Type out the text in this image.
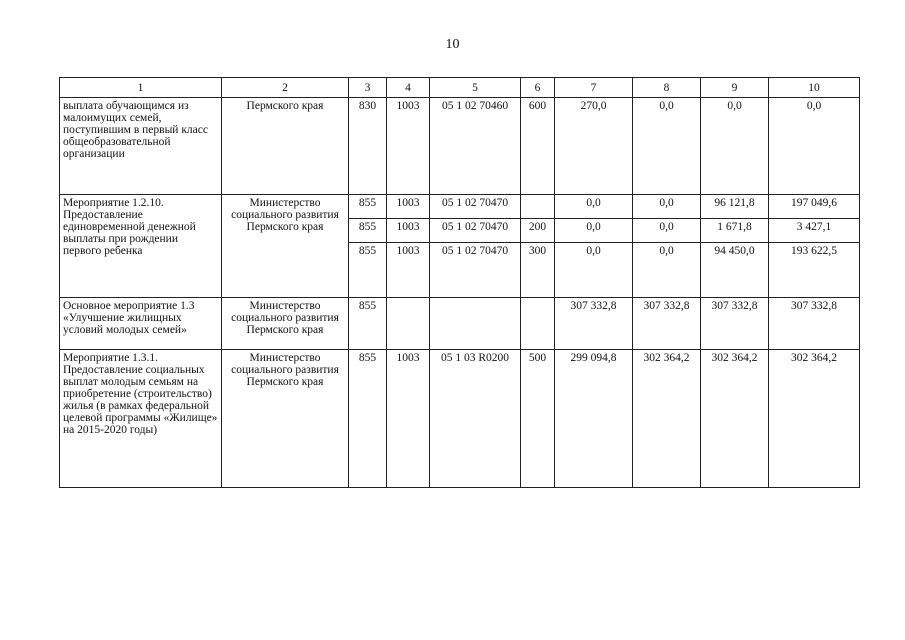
10
1	2	3	4	5	6	7	8	9	10
выплата обучающимся из малоимущих семей, поступившим в первый класс общеобразовательной организации	Пермского края	830	1003	05 1 02 70460	600	270,0	0,0	0,0	0,0
Мероприятие 1.2.10. Предоставление единовременной денежной выплаты при рождении первого ребенка	Министерство социального развития Пермского края	855	1003	05 1 02 70470		0,0	0,0	96 121,8	197 049,6
		855	1003	05 1 02 70470	200	0,0	0,0	1 671,8	3 427,1
		855	1003	05 1 02 70470	300	0,0	0,0	94 450,0	193 622,5
Основное мероприятие 1.3 «Улучшение жилищных условий молодых семей»	Министерство социального развития Пермского края	855				307 332,8	307 332,8	307 332,8	307 332,8
Мероприятие 1.3.1. Предоставление социальных выплат молодым семьям на приобретение (строительство) жилья (в рамках федеральной целевой программы «Жилище» на 2015-2020 годы)	Министерство социального развития Пермского края	855	1003	05 1 03 R0200	500	299 094,8	302 364,2	302 364,2	302 364,2
